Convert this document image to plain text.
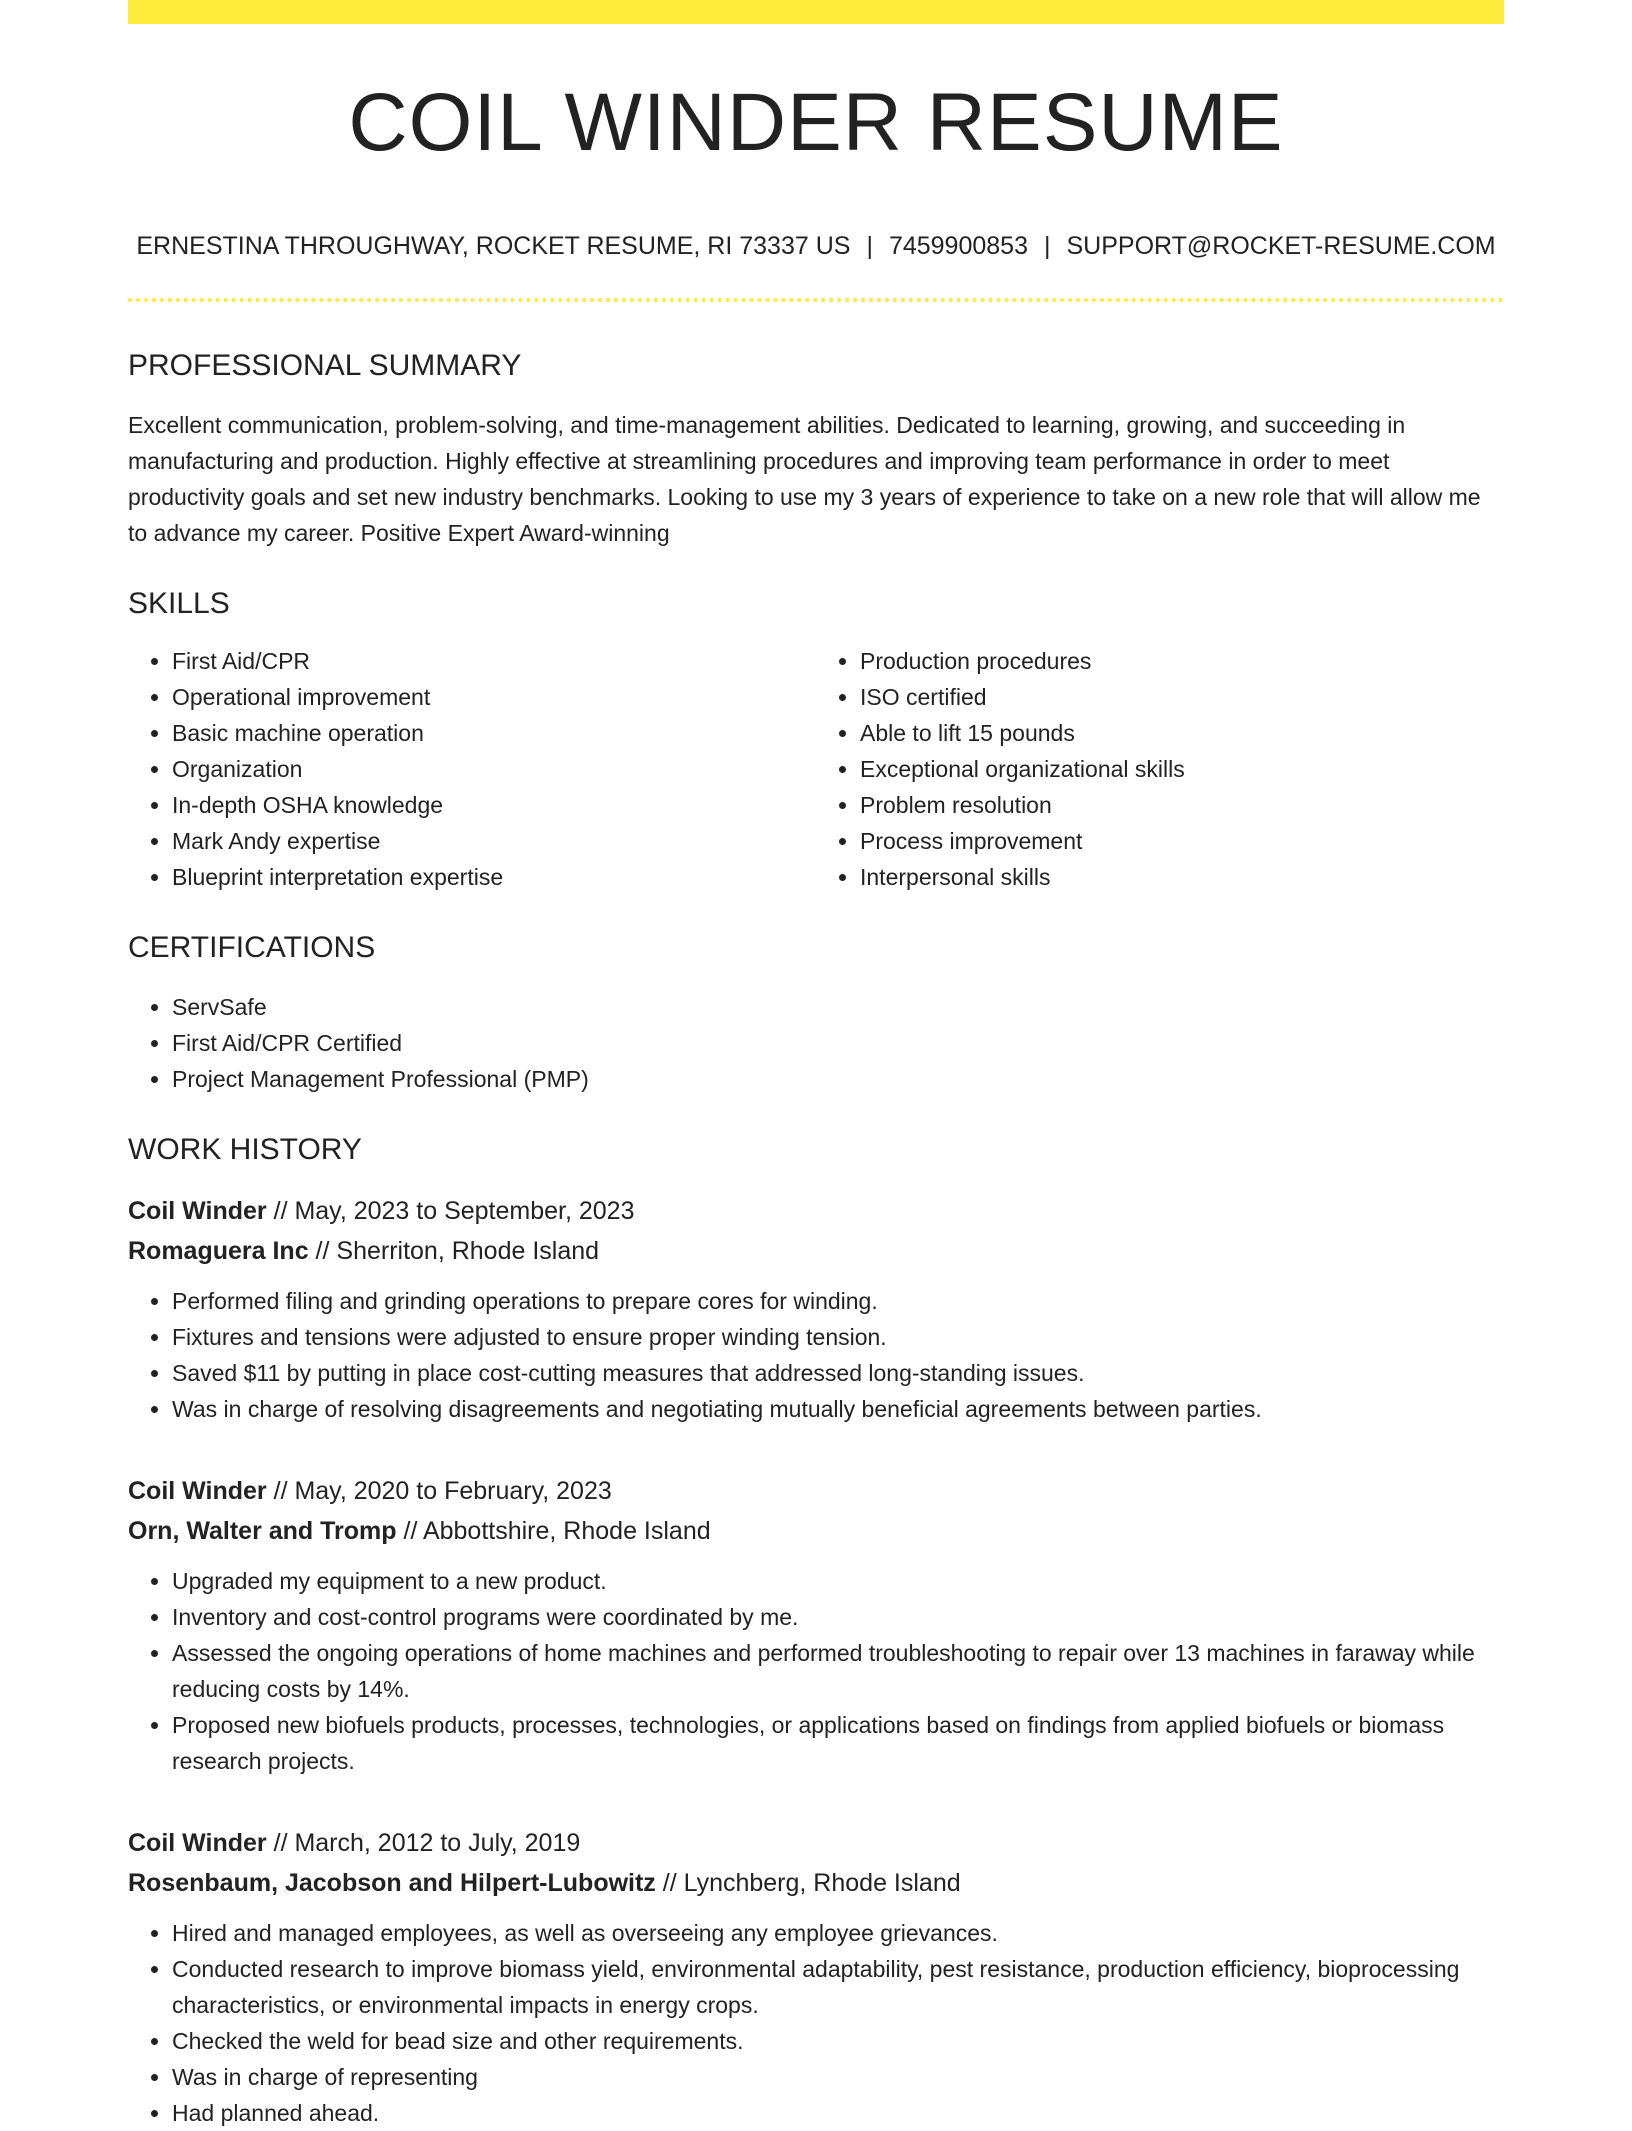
COIL WINDER RESUME
ERNESTINA THROUGHWAY, ROCKET RESUME, RI 73337 US | 7459900853 | SUPPORT@ROCKET-RESUME.COM
PROFESSIONAL SUMMARY

Excellent communication, problem-solving, and time-management abilities. Dedicated to learning, growing, and succeeding in manufacturing and production. Highly effective at streamlining procedures and improving team performance in order to meet productivity goals and set new industry benchmarks. Looking to use my 3 years of experience to take on a new role that will allow me to advance my career. Positive Expert Award-winning

SKILLS
• First Aid/CPR
• Operational improvement
• Basic machine operation
• Organization
• In-depth OSHA knowledge
• Mark Andy expertise
• Blueprint interpretation expertise
• Production procedures
• ISO certified
• Able to lift 15 pounds
• Exceptional organizational skills
• Problem resolution
• Process improvement
• Interpersonal skills
CERTIFICATIONS
• ServSafe
• First Aid/CPR Certified
• Project Management Professional (PMP)
WORK HISTORY
Coil Winder // May, 2023 to September, 2023
Romaguera Inc // Sherriton, Rhode Island
• Performed filing and grinding operations to prepare cores for winding.
• Fixtures and tensions were adjusted to ensure proper winding tension.
• Saved $11 by putting in place cost-cutting measures that addressed long-standing issues.
• Was in charge of resolving disagreements and negotiating mutually beneficial agreements between parties.
Coil Winder // May, 2020 to February, 2023
Orn, Walter and Tromp // Abbottshire, Rhode Island
• Upgraded my equipment to a new product.
• Inventory and cost-control programs were coordinated by me.
• Assessed the ongoing operations of home machines and performed troubleshooting to repair over 13 machines in faraway while reducing costs by 14%.
• Proposed new biofuels products, processes, technologies, or applications based on findings from applied biofuels or biomass research projects.
Coil Winder // March, 2012 to July, 2019
Rosenbaum, Jacobson and Hilpert-Lubowitz // Lynchberg, Rhode Island
• Hired and managed employees, as well as overseeing any employee grievances.
• Conducted research to improve biomass yield, environmental adaptability, pest resistance, production efficiency, bioprocessing characteristics, or environmental impacts in energy crops.
• Checked the weld for bead size and other requirements.
• Was in charge of representing
• Had planned ahead.
